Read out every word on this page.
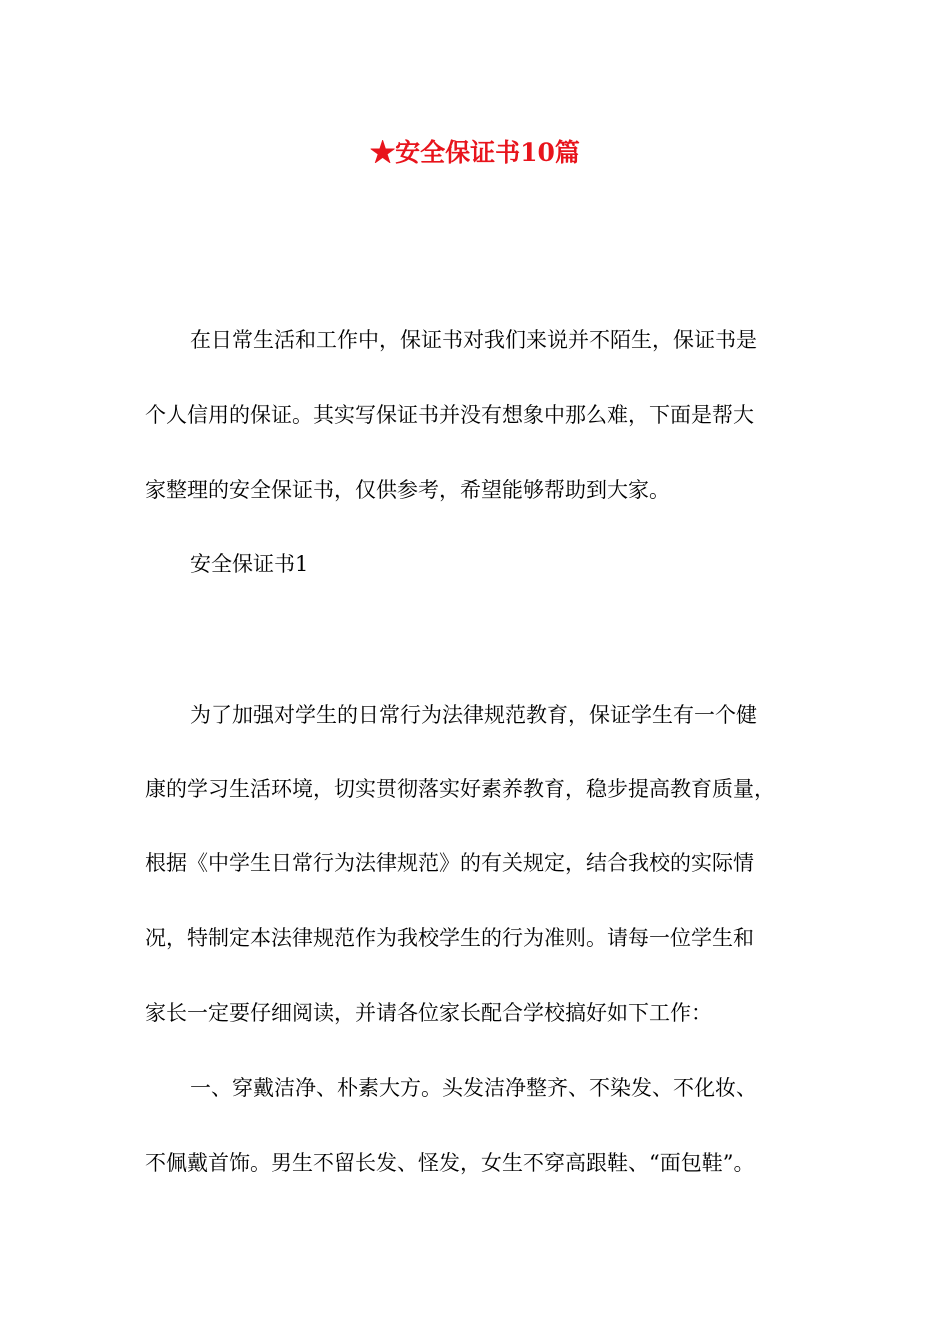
★安全保证书10篇
在日常生活和工作中，保证书对我们来说并不陌生，保证书是
个人信用的保证。其实写保证书并没有想象中那么难，下面是帮大
家整理的安全保证书，仅供参考，希望能够帮助到大家。
安全保证书1
为了加强对学生的日常行为法律规范教育，保证学生有一个健
康的学习生活环境，切实贯彻落实好素养教育，稳步提高教育质量，
根据《中学生日常行为法律规范》的有关规定，结合我校的实际情
况，特制定本法律规范作为我校学生的行为准则。请每一位学生和
家长一定要仔细阅读，并请各位家长配合学校搞好如下工作：
一、穿戴洁净、朴素大方。头发洁净整齐、不染发、不化妆、
不佩戴首饰。男生不留长发、怪发，女生不穿高跟鞋、“面包鞋”。
